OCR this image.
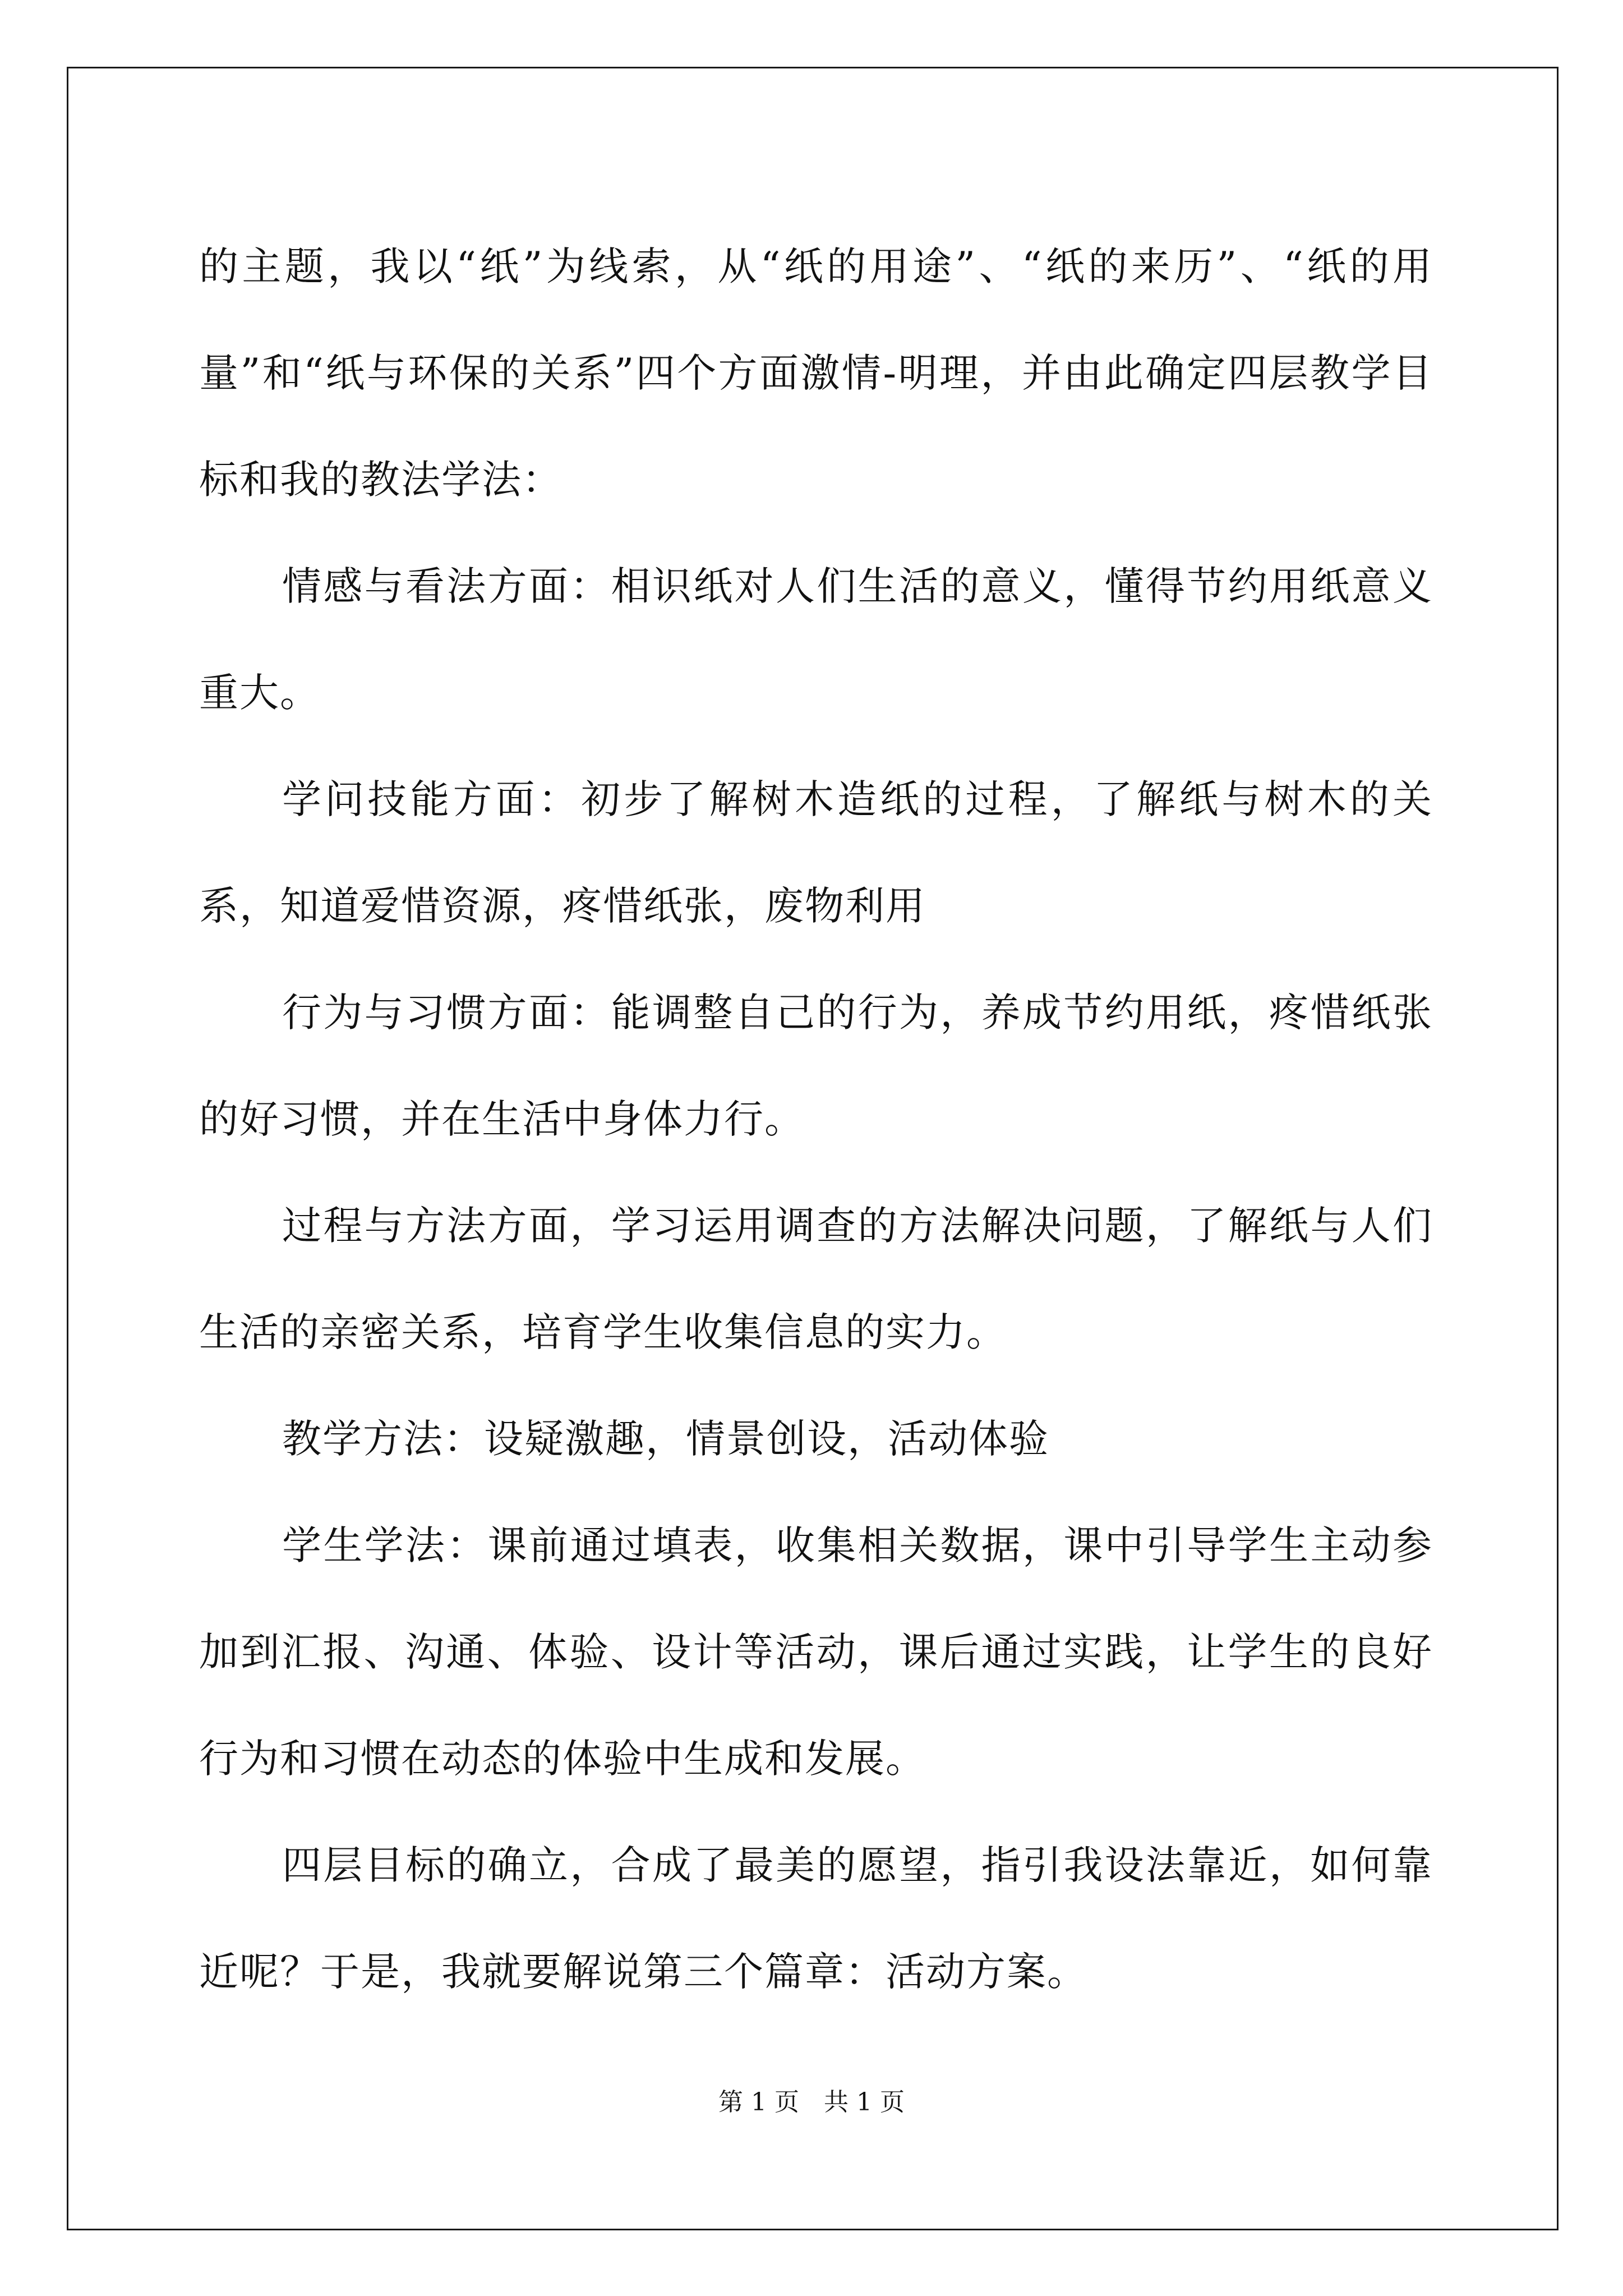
的主题，我以“纸”为线索，从“纸的用途”、“纸的来历”、“纸的用量”和“纸与环保的关系”四个方面激情-明理，并由此确定四层教学目标和我的教法学法：

情感与看法方面：相识纸对人们生活的意义，懂得节约用纸意义重大。

学问技能方面：初步了解树木造纸的过程，了解纸与树木的关系，知道爱惜资源，疼惜纸张，废物利用

行为与习惯方面：能调整自己的行为，养成节约用纸，疼惜纸张的好习惯，并在生活中身体力行。

过程与方法方面，学习运用调查的方法解决问题，了解纸与人们生活的亲密关系，培育学生收集信息的实力。

教学方法：设疑激趣，情景创设，活动体验

学生学法：课前通过填表，收集相关数据，课中引导学生主动参加到汇报、沟通、体验、设计等活动，课后通过实践，让学生的良好行为和习惯在动态的体验中生成和发展。

四层目标的确立，合成了最美的愿望，指引我设法靠近，如何靠近呢？于是，我就要解说第三个篇章：活动方案。

第 1 页　共 1 页
